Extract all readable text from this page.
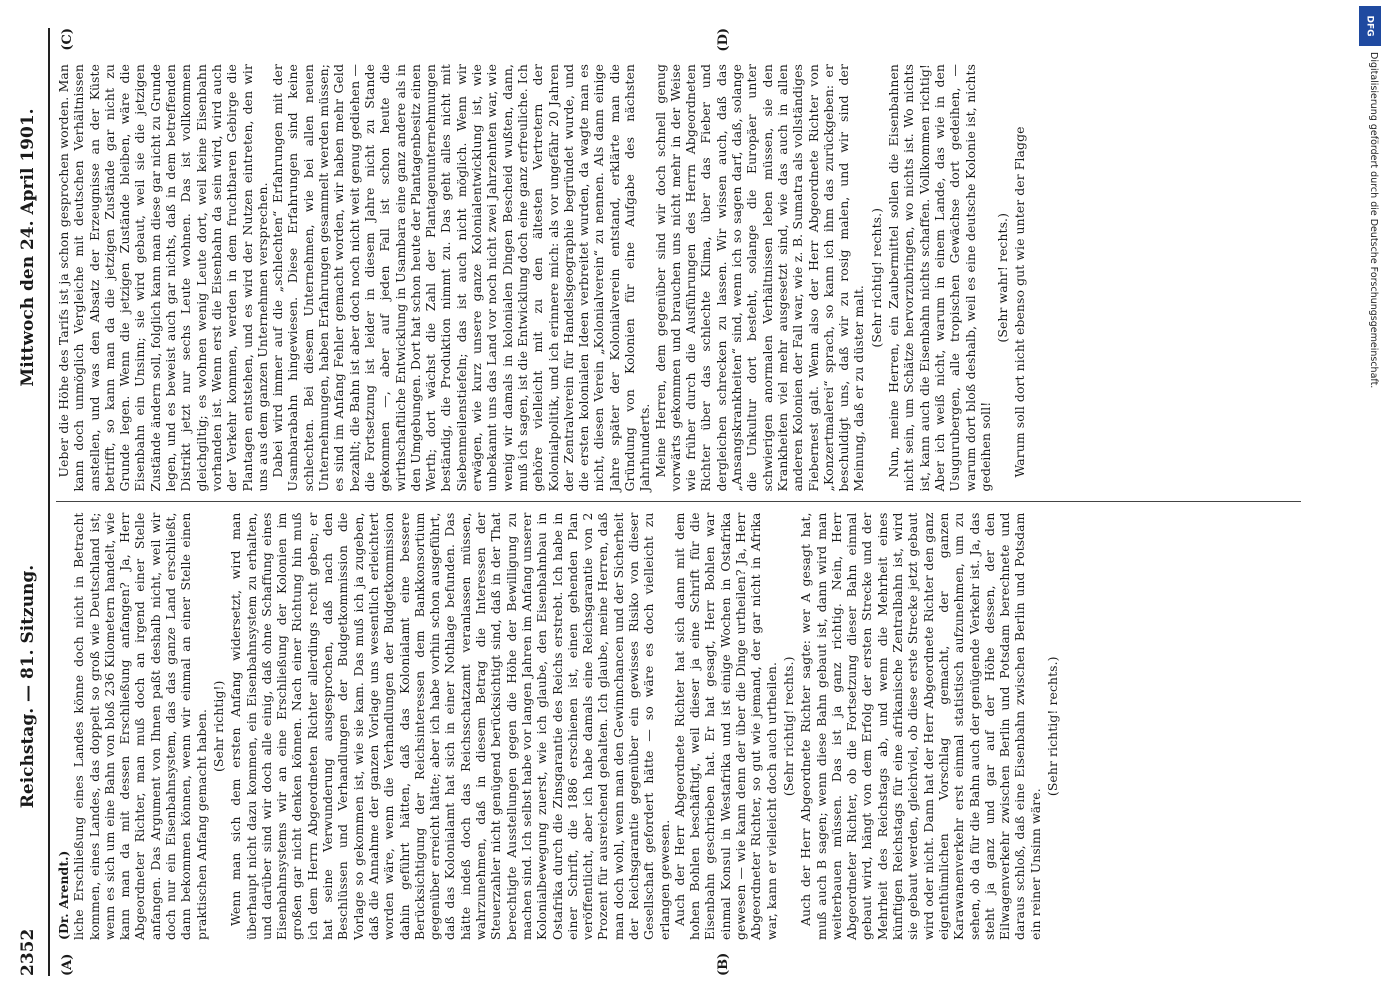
2352
Reichstag. — 81. Sitzung.
Mittwoch den 24. April 1901.
(A)	(B)

(Dr. Arendt.) liche Erschließung eines Landes könne doch nicht in Betracht kommen, eines Landes, das doppelt so groß wie Deutschland ist; wenn es sich um eine Bahn von bloß 236 Kilometern handelt, wie kann man da mit dessen Erschließung anfangen? Ja, Herr Abgeordneter Richter, man muß doch an irgend einer Stelle anfangen. Das Argument von Ihnen paßt deshalb nicht, weil wir doch nur ein Eisenbahnsystem, das das ganze Land erschließt, dann bekommen können, wenn wir einmal an einer Stelle einen praktischen Anfang gemacht haben. (Sehr richtig!) Wenn man sich dem ersten Anfang widersetzt, wird man überhaupt nicht dazu kommen, ein Eisenbahnsystem zu erhalten, und darüber sind wir doch alle einig, daß ohne Schaffung eines Eisenbahnsystems wir an eine Erschließung der Kolonien im großen gar nicht denken können. Nach einer Richtung hin muß ich dem Herrn Abgeordneten Richter allerdings recht geben; er hat seine Verwunderung ausgesprochen, daß nach den Beschlüssen und Verhandlungen der Budgetkommission die Vorlage so gekommen ist, wie sie kam. Das muß ich ja zugeben, daß die Annahme der ganzen Vorlage uns wesentlich erleichtert worden wäre, wenn die Verhandlungen der Budgetkommission dahin geführt hätten, daß das Kolonialamt eine bessere Berücksichtigung der Reichsinteressen dem Bankkonsortium gegenüber erreicht hätte; aber ich habe vorhin schon ausgeführt, daß das Kolonialamt hat sich in einer Nothlage befunden. Das hätte indeß doch das Reichsschatzamt veranlassen müssen, wahrzunehmen, daß in diesem Betrag die Interessen der Steuerzahler nicht genügend berücksichtigt sind, daß in der That berechtigte Ausstellungen gegen die Höhe der Bewilligung zu machen sind. Ich selbst habe vor langen Jahren im Anfang unserer Kolonialbewegung zuerst, wie ich glaube, den Eisenbahnbau in Ostafrika durch die Zinsgarantie des Reichs erstrebt. Ich habe in einer Schrift, die 1886 erschienen ist, einen gehenden Plan veröffentlicht, aber ich habe damals eine Reichsgarantie von 2 Prozent für ausreichend gehalten. Ich glaube, meine Herren, daß man doch wohl, wenn man den Gewinnchancen und der Sicherheit der Reichsgarantie gegenüber ein gewisses Risiko von dieser Gesellschaft gefordert hätte — so wäre es doch vielleicht zu erlangen gewesen. Auch der Herr Abgeordnete Richter hat sich dann mit dem hohen Bohlen beschäftigt, weil dieser ja eine Schrift für die Eisenbahn geschrieben hat. Er hat gesagt, Herr Bohlen war einmal Konsul in Westafrika und ist einige Wochen in Ostafrika gewesen — wie kann denn der über die Dinge urtheilen? Ja, Herr Abgeordneter Richter, so gut wie jemand, der gar nicht in Afrika war, kann er vielleicht doch auch urtheilen. (Sehr richtig! rechts.) Auch der Herr Abgeordnete Richter sagte: wer A gesagt hat, muß auch B sagen; wenn diese Bahn gebaut ist, dann wird man weiterbauen müssen. Das ist ja ganz richtig. Nein, Herr Abgeordneter Richter, ob die Fortsetzung dieser Bahn einmal gebaut wird, hängt von dem Erfolg der ersten Strecke und der Mehrheit des Reichstags ab, und wenn die Mehrheit eines künftigen Reichstags für eine afrikanische Zentralbahn ist, wird sie gebaut werden, gleichviel, ob diese erste Strecke jetzt gebaut wird oder nicht. Dann hat der Herr Abgeordnete Richter den ganz eigenthümlichen Vorschlag gemacht, der ganzen Karawanenverkehr erst einmal statistisch aufzunehmen, um zu sehen, ob da für die Bahn auch der genügende Verkehr ist. Ja, das steht ja ganz und gar auf der Höhe dessen, der den Eilwagenverkehr zwischen Berlin und Potsdam berechnete und daraus schloß, daß eine Eisenbahn zwischen Berlin und Potsdam ein reiner Unsinn wäre.

(Sehr richtig! rechts.)

Ueber die Höhe des Tarifs ist ja schon gesprochen worden. Man kann doch unmöglich Vergleiche mit deutschen Verhältnissen anstellen, und was den Absatz der Erzeugnisse an der Küste betrifft, so kann man da die jetzigen Zustände gar nicht zu Grunde legen. Wenn die jetzigen Zustände bleiben, wäre die Eisenbahn ein Unsinn; sie wird gebaut, weil sie die jetzigen Zustände ändern soll, folglich kann man diese gar nicht zu Grunde legen, und es beweist auch gar nichts, daß in dem betreffenden Distrikt jetzt nur sechs Leute wohnen. Das ist vollkommen gleichgiltig; es wohnen wenig Leute dort, weil keine Eisenbahn vorhanden ist. Wenn erst die Eisenbahn da sein wird, wird auch der Verkehr kommen, werden in dem fruchtbaren Gebirge die Plantagen entstehen, und es wird der Nutzen eintreten, den wir uns aus dem ganzen Unternehmen versprechen. Dabei wird immer auf die „schlechten“ Erfahrungen mit der Usambarabahn hingewiesen. Diese Erfahrungen sind keine schlechten. Bei diesem Unternehmen, wie bei allen neuen Unternehmungen, haben Erfahrungen gesammelt werden müssen; es sind im Anfang Fehler gemacht worden, wir haben mehr Geld bezahlt; die Bahn ist aber doch noch nicht weit genug gediehen — die Fortsetzung ist leider in diesem Jahre nicht zu Stande gekommen —, aber auf jeden Fall ist schon heute die wirthschaftliche Entwicklung in Usambara eine ganz andere als in den Umgebungen. Dort hat schon heute der Plantagenbesitz einen Werth; dort wächst die Zahl der Plantagenunternehmungen beständig, die Produktion nimmt zu. Das geht alles nicht mit Siebenmeilenstiefeln; das ist auch nicht möglich. Wenn wir erwägen, wie kurz unsere ganze Kolonialentwicklung ist, wie unbekannt uns das Land vor noch nicht zwei Jahrzehnten war, wie wenig wir damals in kolonialen Dingen Bescheid wußten, dann, muß ich sagen, ist die Entwicklung doch eine ganz erfreuliche. Ich gehöre vielleicht mit zu den ältesten Vertretern der Kolonialpolitik, und ich erinnere mich: als vor ungefähr 20 Jahren der Zentralverein für Handelsgeographie begründet wurde, und die ersten kolonialen Ideen verbreitet wurden, da wagte man es nicht, diesen Verein „Kolonialverein“ zu nennen. Als dann einige Jahre später der Kolonialverein entstand, erklärte man die Gründung von Kolonien für eine Aufgabe des nächsten Jahrhunderts. Meine Herren, dem gegenüber sind wir doch schnell genug vorwärts gekommen und brauchen uns nicht mehr in der Weise wie früher durch die Ausführungen des Herrn Abgeordneten Richter über das schlechte Klima, über das Fieber und dergleichen schrecken zu lassen. Wir wissen auch, daß das „Ansangskrankheiten“ sind, wenn ich so sagen darf, daß, solange die Unkultur dort besteht, solange die Europäer unter schwierigen anormalen Verhältnissen leben müssen, sie den Krankheiten viel mehr ausgesetzt sind, wie das auch in allen anderen Kolonien der Fall war, wie z. B. Sumatra als vollständiges Fiebernest galt. Wenn also der Herr Abgeordnete Richter von „Konzertmalerei“ sprach, so kann ich ihm das zurückgeben: er beschuldigt uns, daß wir zu rosig malen, und wir sind der Meinung, daß er zu düster malt.

(Sehr richtig! rechts.) Nun, meine Herren, ein Zaubermittel sollen die Eisenbahnen nicht sein, um Schätze hervorzubringen, wo nichts ist. Wo nichts ist, kann auch die Eisenbahn nichts schaffen. Vollkommen richtig! Aber ich weiß nicht, warum in einem Lande, das wie in den Usugurubergen, alle tropischen Gewächse dort gedeihen, — warum dort bloß deshalb, weil es eine deutsche Kolonie ist, nichts gedeihen soll!

(Sehr wahr! rechts.) Warum soll dort nicht ebenso gut wie unter der Flagge

(C)	(D)
DFG
Digitalisierung gefördert durch die Deutsche Forschungsgemeinschaft.
